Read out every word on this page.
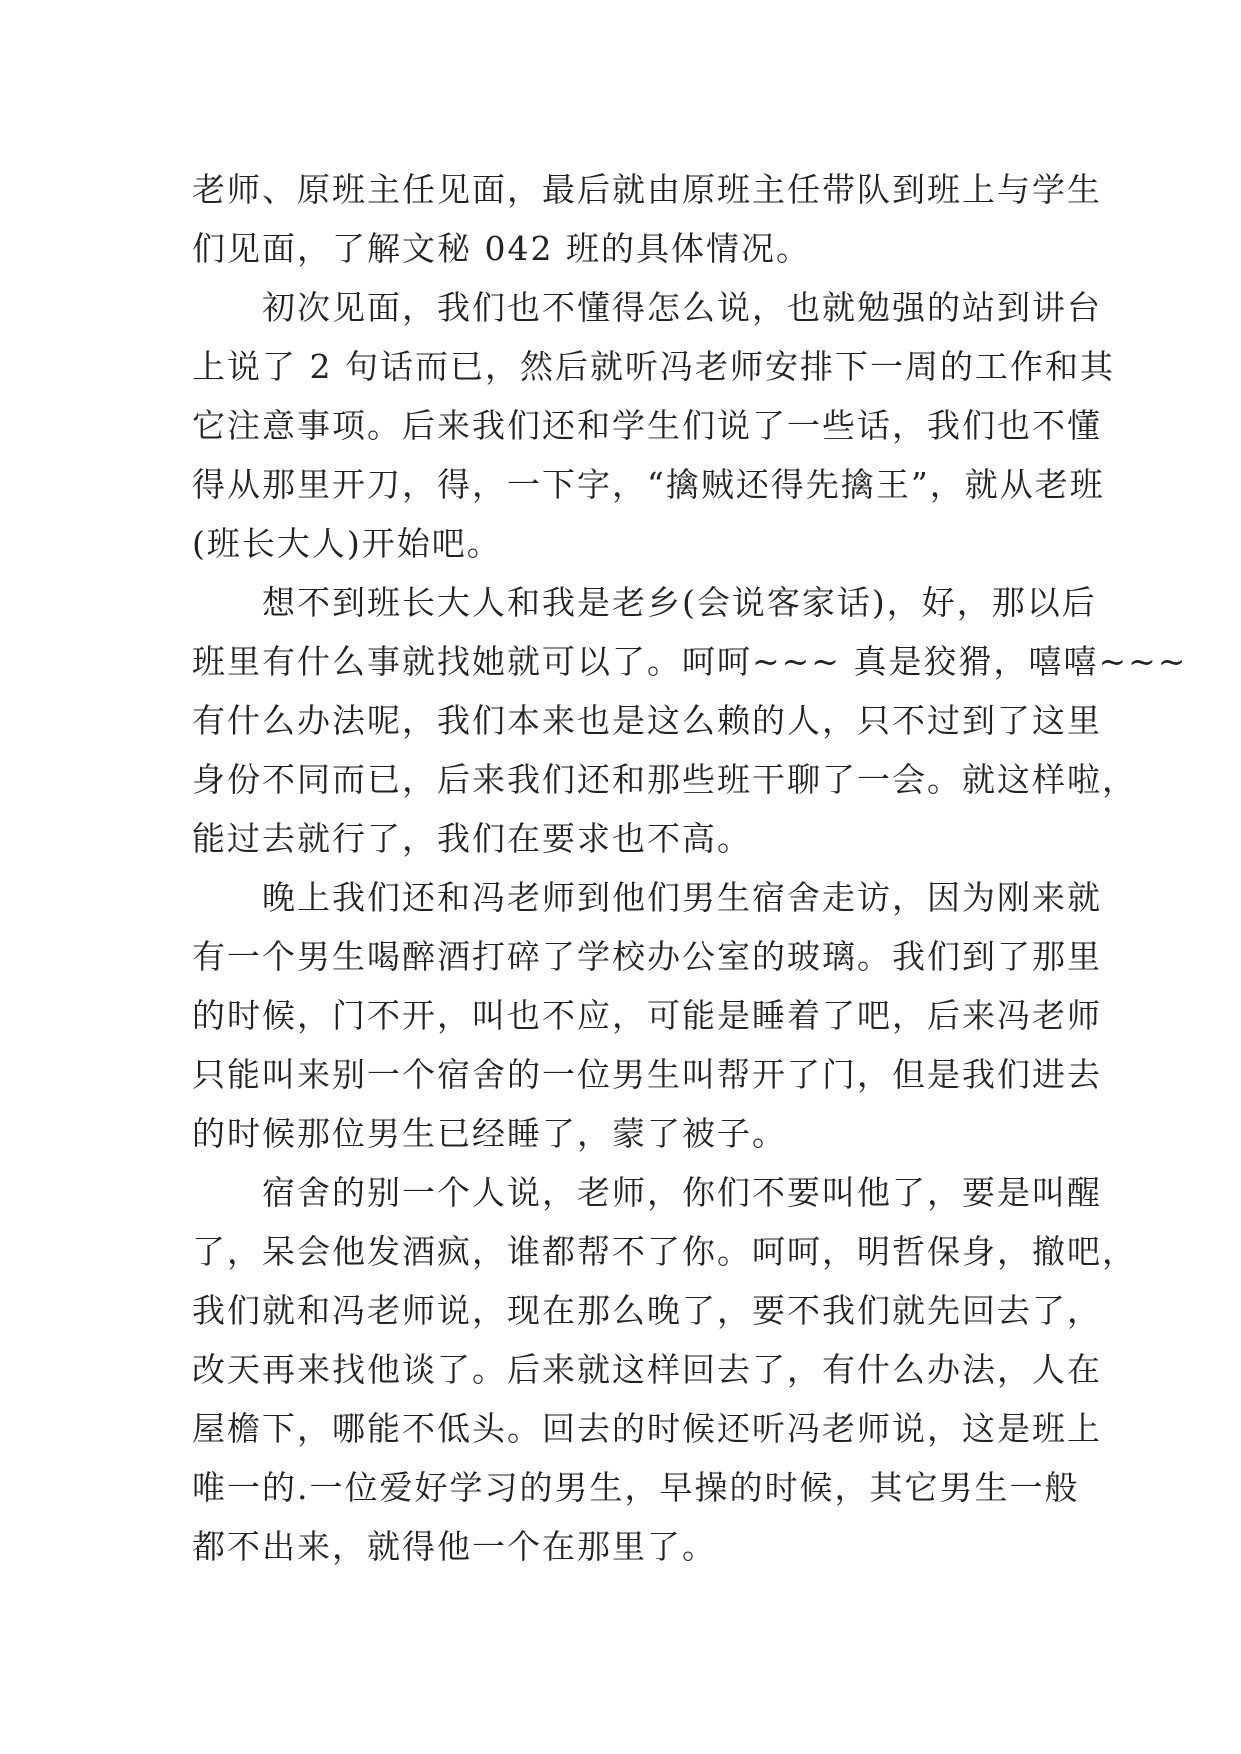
老师、原班主任见面，最后就由原班主任带队到班上与学生
们见面，了解文秘 042 班的具体情况。
初次见面，我们也不懂得怎么说，也就勉强的站到讲台
上说了 2 句话而已，然后就听冯老师安排下一周的工作和其
它注意事项。后来我们还和学生们说了一些话，我们也不懂
得从那里开刀，得，一下字，“擒贼还得先擒王”，就从老班
(班长大人)开始吧。
想不到班长大人和我是老乡(会说客家话)，好，那以后
班里有什么事就找她就可以了。呵呵~~~ 真是狡猾，嘻嘻~~~
有什么办法呢，我们本来也是这么赖的人，只不过到了这里
身份不同而已，后来我们还和那些班干聊了一会。就这样啦，
能过去就行了，我们在要求也不高。
晚上我们还和冯老师到他们男生宿舍走访，因为刚来就
有一个男生喝醉酒打碎了学校办公室的玻璃。我们到了那里
的时候，门不开，叫也不应，可能是睡着了吧，后来冯老师
只能叫来别一个宿舍的一位男生叫帮开了门，但是我们进去
的时候那位男生已经睡了，蒙了被子。
宿舍的别一个人说，老师，你们不要叫他了，要是叫醒
了，呆会他发酒疯，谁都帮不了你。呵呵，明哲保身，撤吧，
我们就和冯老师说，现在那么晚了，要不我们就先回去了，
改天再来找他谈了。后来就这样回去了，有什么办法，人在
屋檐下，哪能不低头。回去的时候还听冯老师说，这是班上
唯一的.一位爱好学习的男生，早操的时候，其它男生一般
都不出来，就得他一个在那里了。
